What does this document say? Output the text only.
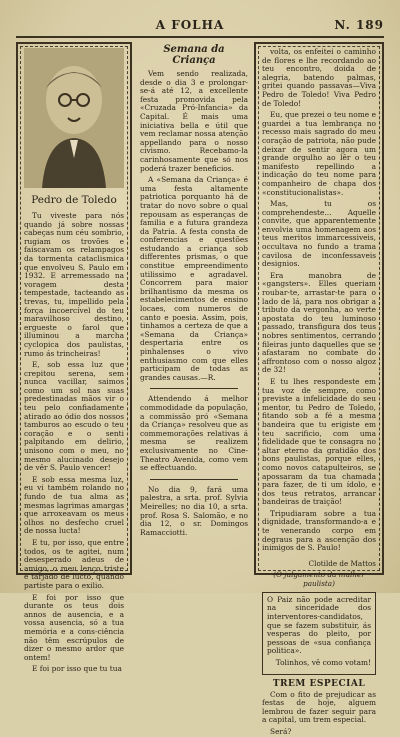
A FOLHA	N. 189
Pedro de Toledo

Tu viveste para nós quando já sobre nossas cabeças num céu sombrio, rugiam os trovões e faiscavam os relampagos da tormenta cataclismica que envolveu S. Paulo em 1932. E arremessado na voragem desta tempestade, tacteando as trevas, tu, impellido pela força incoercível do teu maravilhoso destino, ergueste o farol que illuminou a marcha cyclopica dos paulistas, rumo ás trincheiras!

E, sob essa luz que crepitou serena, sem nunca vacillar, saimos como um sol nas suas predestinadas mãos vir o teu pelo confiadamente atirado ao ódio dos nossos tamburos ao escudo o teu coração e o senti palpitando em delirio, unisono com o meu, no mesmo alucinado desejo de vêr S. Paulo vencer!

E sob essa mesma luz, eu vi também rolando no fundo de tua alma as mesmas lagrimas amargas que arroxeavam os meus olhos no desfecho cruel de nossa lucta!

E tu, por isso, que entre todos, os te agitei, num desesperado adeus de amigo, o meu lenço triste e tarjado de lucto, quando partiste para o exilio.

E foi por isso que durante os teus dois annos de ausencia, e a vossa ausencia, só a tua memória e a cons-ciência não têm escrúpulos de dizer o mesmo ardor que ontem!

E foi por isso que tu tua

Semana da Criança

Vem sendo realizada, desde o dia 3 e prolongar-se-á até 12, a excellente festa promovida pela «Cruzada Pró-Infancia» da Capital. É mais uma iniciativa bella e útil que vem reclamar nossa atenção appellando para o nosso civismo. Recebamo-la carinhosamente que só nos poderá trazer beneficios.

A «Semana da Criança» é uma festa altamente patriotica porquanto há de tratar do novo sobre o qual repousam as esperanças de familia e a futura grandeza da Patria. A festa consta de conferencias e questões estudando a criança sob differentes prismas, o que constitue empreendimento utilissimo e agradavel. Concorrem para maior brilhantismo da mesma os estabelecimentos de ensino locaes, com numeros de canto e poesia. Assim, pois, tinhamos a certeza de que a «Semana da Criança» despertaria entre os pinhalenses o vivo enthusiasmo com que elles participam de todas as grandes causas.—R.

Attendendo á melhor commodidade da população, a commissão pró «Semana da Criança» resolveu que as commemorações relativas á mesma se realizem exclusivamente no Cine-Theatro Avenida, como vem se effectuando.

No dia 9, fará uma palestra, a srta. prof. Sylvia Meirelles; no dia 10, a srta. prof. Rosa S. Salomão, e no dia 12, o sr. Domingos Ramacciotti.

volta, os enfeitei o caminho de flores e lhe recordando ao teu encontro, doida de alegria, batendo palmas, gritei quando passavas—Viva Pedro de Toledo! Viva Pedro de Toledo!

Eu, que prezei o teu nome e guardei a tua lembrança no recesso mais sagrado do meu coração de patriota, não pude deixar de sentir agora um grande orgulho ao lêr o teu manifesto repellindo a indicação do teu nome para companheiro de chapa dos «constitucionalistas».

Mas, tu os comprehendeste... Aquelle convite, que apparentemente envolvia uma homenagem aos teus meritos immarcessiveis, occultava no fundo a trama cavilosa de inconfessaveis designios.

Era manobra de «gangsters». Elles queriam roubar-te, arrastar-te para o lado de lá, para nos obrigar a tributo da vergonha, ao verte apostata do teu luminoso passado, transfigura dos teus nobres sentimentos, cerrando fileiras junto daquelles que se afastaram no combate do affrontoso com o nosso algoz de 32!

E tu lhes respondeste em tua voz de sempre, como previste a infelicidade do seu mentor, tu Pedro de Toledo, fitando sob a fé a mesma bandeira que tu erigiste em teu sacrificio, com uma fidelidade que te consagra no altar eterno da gratidão dos bons paulistas, porque elles, como novos catapulteiros, se apossaram da tua chamada para fazer, de ti um ídolo, e dos teus retratos, arrancar bandeiras de traição!

Tripudiaram sobre a tua dignidade, transformando-a e te venerando corpo em degraus para a ascenção dos inimigos de S. Paulo!

Clotilde de Mattos
(O julgamento da mulher paulista)

O Paiz não pode acreditar na sinceridade dos interventores-candidatos, que se fazem substituir, ás vesperas do pleito, por pessoas de «sua confiança politica».

Tolinhos, vê como votam!

TREM ESPECIAL

Com o fito de prejudicar as festas de hoje, alguem lembrou de fazer seguir para a capital, um trem especial.

Será?
